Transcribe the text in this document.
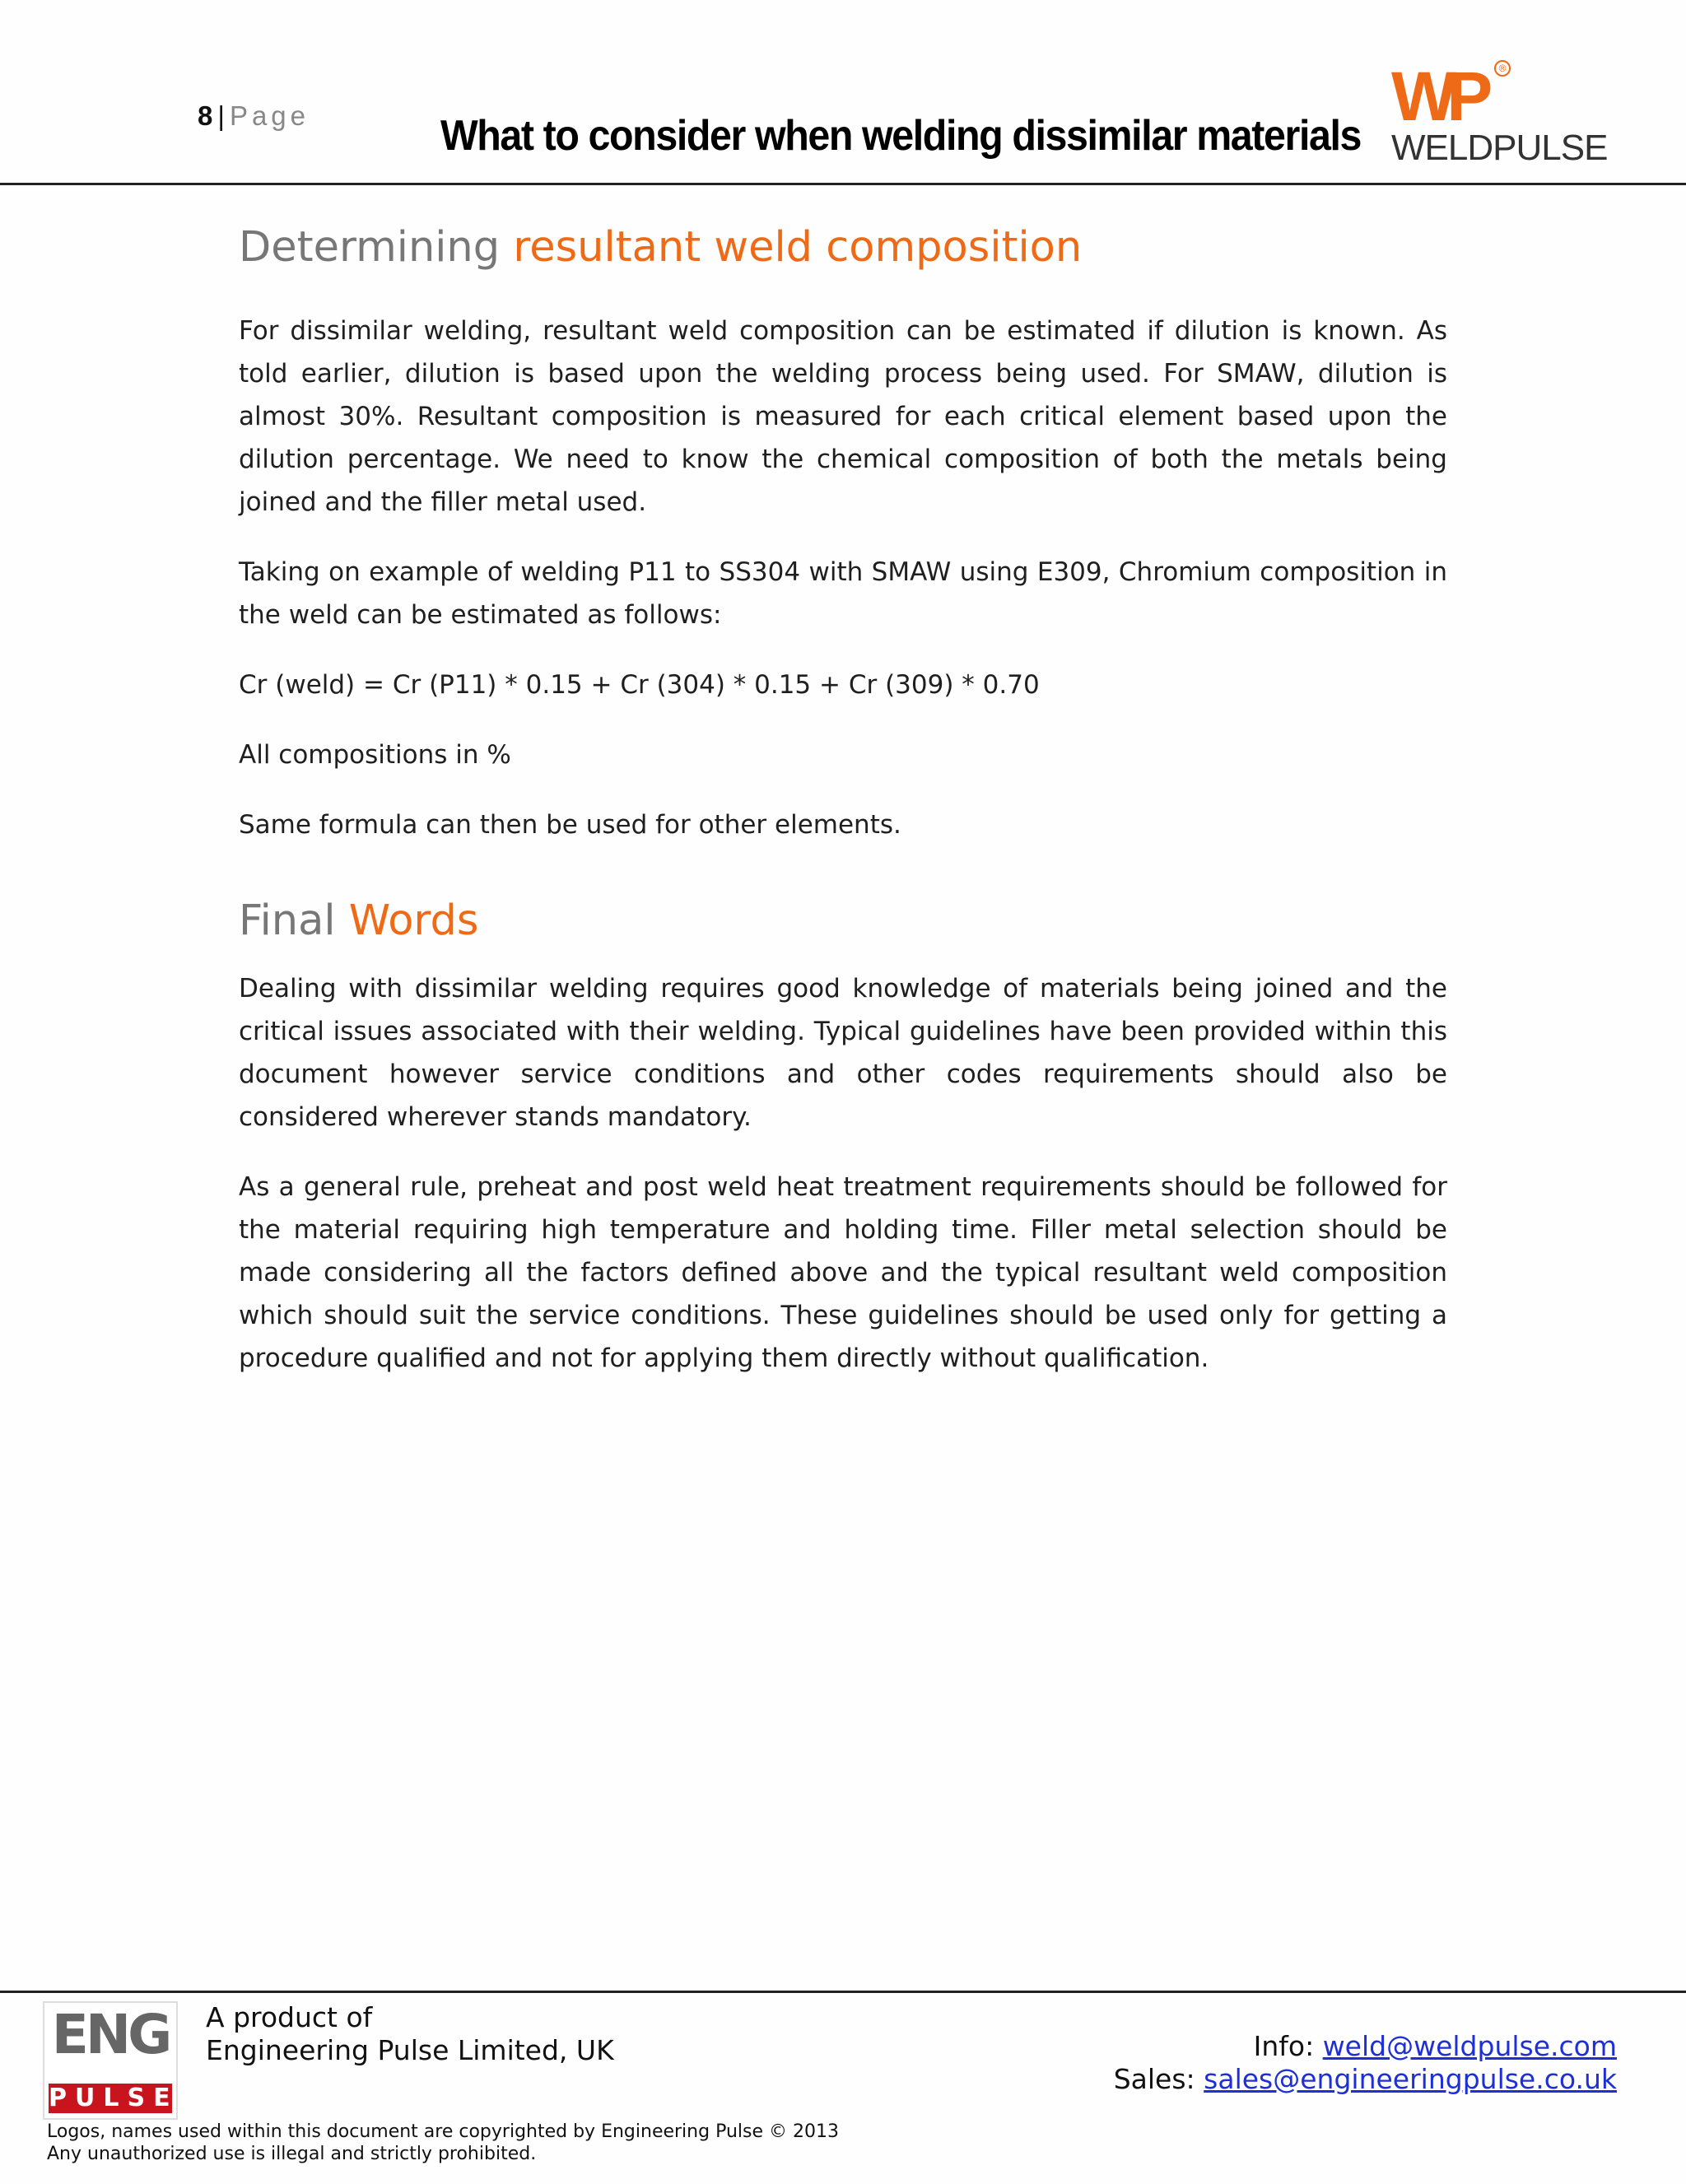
8 | Page	What to consider when welding dissimilar materials
WP	®
WELDPULSE
Determining resultant weld composition

For dissimilar welding, resultant weld composition can be estimated if dilution is known. As told earlier, dilution is based upon the welding process being used. For SMAW, dilution is almost 30%. Resultant composition is measured for each critical element based upon the dilution percentage. We need to know the chemical composition of both the metals being joined and the filler metal used.

Taking on example of welding P11 to SS304 with SMAW using E309, Chromium composition in the weld can be estimated as follows:

Cr (weld) = Cr (P11) * 0.15 + Cr (304) * 0.15 + Cr (309) * 0.70

All compositions in %

Same formula can then be used for other elements.

Final Words

Dealing with dissimilar welding requires good knowledge of materials being joined and the critical issues associated with their welding. Typical guidelines have been provided within this document however service conditions and other codes requirements should also be considered wherever stands mandatory.

As a general rule, preheat and post weld heat treatment requirements should be followed for the material requiring high temperature and holding time. Filler metal selection should be made considering all the factors defined above and the typical resultant weld composition which should suit the service conditions. These guidelines should be used only for getting a procedure qualified and not for applying them directly without qualification.

ENG
PULSE
A product of
Engineering Pulse Limited, UK	Info: weld@weldpulse.com
Sales: sales@engineeringpulse.co.uk
Logos, names used within this document are copyrighted by Engineering Pulse © 2013
Any unauthorized use is illegal and strictly prohibited.
